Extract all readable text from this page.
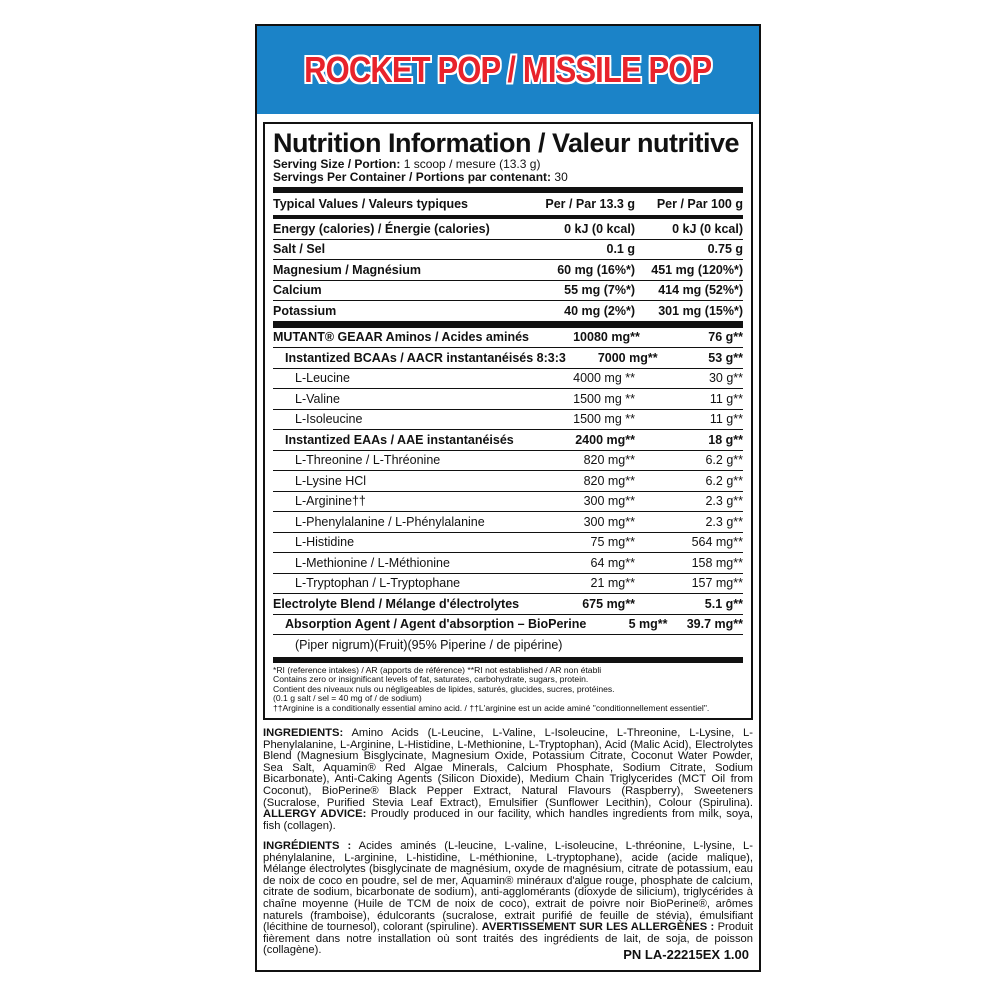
ROCKET POP / MISSILE POP
Nutrition Information / Valeur nutritive
Serving Size / Portion: 1 scoop / mesure (13.3 g)
Servings Per Container / Portions par contenant: 30
Typical Values / Valeurs typiques	Per / Par 13.3 g	Per / Par 100 g
Energy (calories) / Énergie (calories)	0 kJ (0 kcal)	0 kJ (0 kcal)
Salt / Sel	0.1 g	0.75 g
Magnesium / Magnésium	60 mg (16%*)	451 mg (120%*)
Calcium	55 mg (7%*)	414 mg (52%*)
Potassium	40 mg (2%*)	301 mg (15%*)
MUTANT® GEAAR Aminos / Acides aminés	10080 mg**	76 g**
Instantized BCAAs / AACR instantanéisés 8:3:3	7000 mg**	53 g**
L-Leucine	4000 mg **	30 g**
L-Valine	1500 mg **	11 g**
L-Isoleucine	1500 mg **	11 g**
Instantized EAAs / AAE instantanéisés	2400 mg**	18 g**
L-Threonine / L-Thréonine	820 mg**	6.2 g**
L-Lysine HCl	820 mg**	6.2 g**
L-Arginine††	300 mg**	2.3 g**
L-Phenylalanine / L-Phénylalanine	300 mg**	2.3 g**
L-Histidine	75 mg**	564 mg**
L-Methionine / L-Méthionine	64 mg**	158 mg**
L-Tryptophan / L-Tryptophane	21 mg**	157 mg**
Electrolyte Blend / Mélange d'électrolytes	675 mg**	5.1 g**
Absorption Agent / Agent d'absorption – BioPerine	5 mg**	39.7 mg**
(Piper nigrum)(Fruit)(95% Piperine / de pipérine)
*RI (reference intakes) / AR (apports de référence) **RI not established / AR non établi
Contains zero or insignificant levels of fat, saturates, carbohydrate, sugars, protein.
Contient des niveaux nuls ou négligeables de lipides, saturés, glucides, sucres, protéines.
(0.1 g salt / sel = 40 mg of / de sodium)
††Arginine is a conditionally essential amino acid. / ††L'arginine est un acide aminé "conditionnellement essentiel".
INGREDIENTS: Amino Acids (L-Leucine, L-Valine, L-Isoleucine, L-Threonine, L-Lysine, L-Phenylalanine, L-Arginine, L-Histidine, L-Methionine, L-Tryptophan), Acid (Malic Acid), Electrolytes Blend (Magnesium Bisglycinate, Magnesium Oxide, Potassium Citrate, Coconut Water Powder, Sea Salt, Aquamin® Red Algae Minerals, Calcium Phosphate, Sodium Citrate, Sodium Bicarbonate), Anti-Caking Agents (Silicon Dioxide), Medium Chain Triglycerides (MCT Oil from Coconut), BioPerine® Black Pepper Extract, Natural Flavours (Raspberry), Sweeteners (Sucralose, Purified Stevia Leaf Extract), Emulsifier (Sunflower Lecithin), Colour (Spirulina). ALLERGY ADVICE: Proudly produced in our facility, which handles ingredients from milk, soya, fish (collagen).
INGRÉDIENTS : Acides aminés (L-leucine, L-valine, L-isoleucine, L-thréonine, L-lysine, L-phénylalanine, L-arginine, L-histidine, L-méthionine, L-tryptophane), acide (acide malique), Mélange électrolytes (bisglycinate de magnésium, oxyde de magnésium, citrate de potassium, eau de noix de coco en poudre, sel de mer, Aquamin® minéraux d'algue rouge, phosphate de calcium, citrate de sodium, bicarbonate de sodium), anti-agglomérants (dioxyde de silicium), triglycérides à chaîne moyenne (Huile de TCM de noix de coco), extrait de poivre noir BioPerine®, arômes naturels (framboise), édulcorants (sucralose, extrait purifié de feuille de stévia), émulsifiant (lécithine de tournesol), colorant (spiruline). AVERTISSEMENT SUR LES ALLERGÈNES : Produit fièrement dans notre installation où sont traités des ingrédients de lait, de soja, de poisson (collagène).	PN LA-22215EX 1.00
